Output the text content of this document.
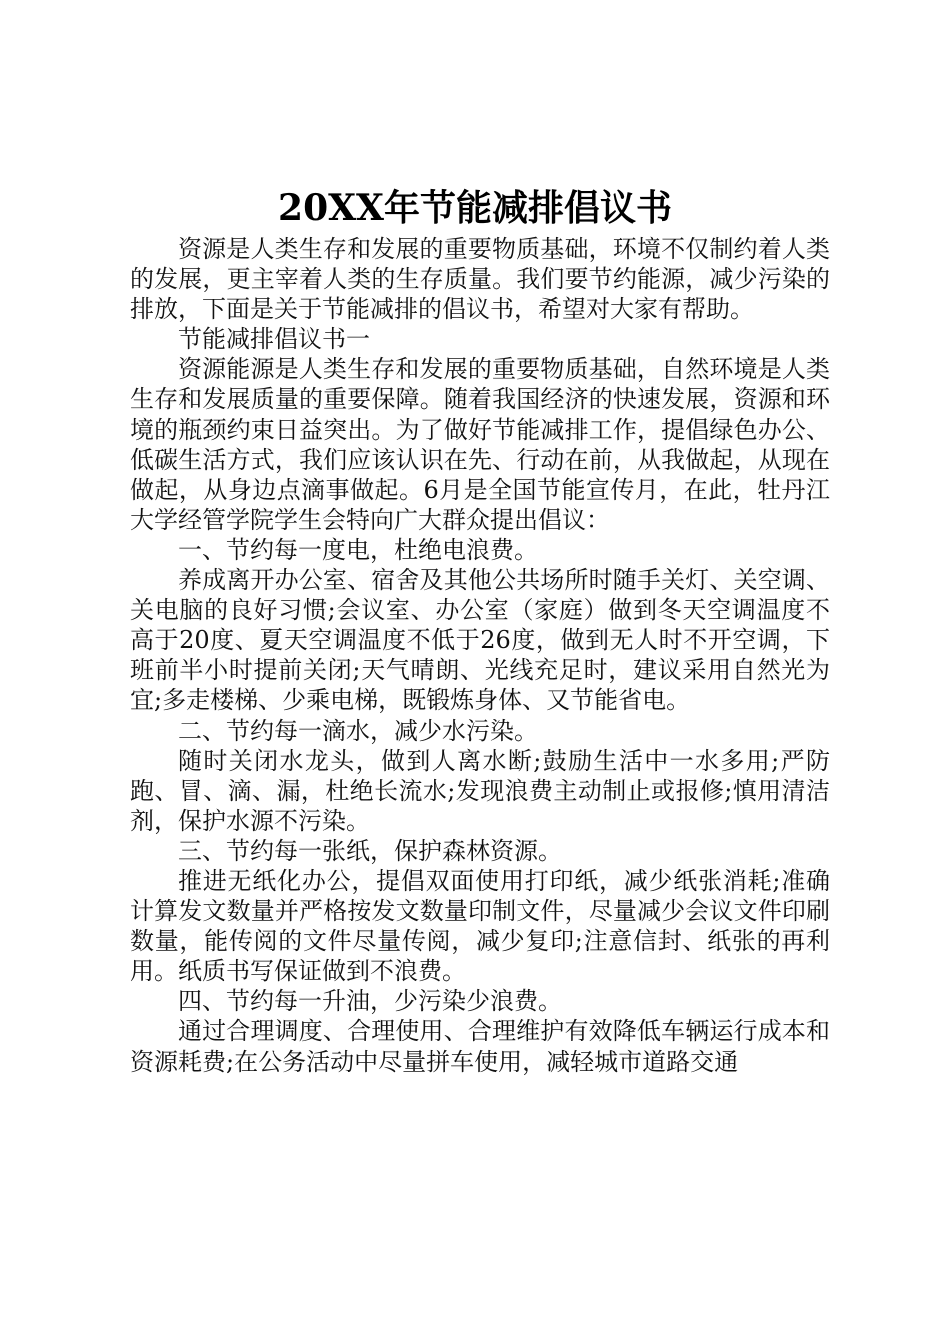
20XX年节能减排倡议书

资源是人类生存和发展的重要物质基础，环境不仅制约着人类的发展，更主宰着人类的生存质量。我们要节约能源，减少污染的排放，下面是关于节能减排的倡议书，希望对大家有帮助。

节能减排倡议书一

资源能源是人类生存和发展的重要物质基础，自然环境是人类生存和发展质量的重要保障。随着我国经济的快速发展，资源和环境的瓶颈约束日益突出。为了做好节能减排工作，提倡绿色办公、低碳生活方式，我们应该认识在先、行动在前，从我做起，从现在做起，从身边点滴事做起。6月是全国节能宣传月，在此，牡丹江大学经管学院学生会特向广大群众提出倡议：

一、节约每一度电，杜绝电浪费。

养成离开办公室、宿舍及其他公共场所时随手关灯、关空调、关电脑的良好习惯;会议室、办公室（家庭）做到冬天空调温度不高于20度、夏天空调温度不低于26度，做到无人时不开空调，下班前半小时提前关闭;天气晴朗、光线充足时，建议采用自然光为宜;多走楼梯、少乘电梯，既锻炼身体、又节能省电。

二、节约每一滴水，减少水污染。

随时关闭水龙头，做到人离水断;鼓励生活中一水多用;严防跑、冒、滴、漏，杜绝长流水;发现浪费主动制止或报修;慎用清洁剂，保护水源不污染。

三、节约每一张纸，保护森林资源。

推进无纸化办公，提倡双面使用打印纸，减少纸张消耗;准确计算发文数量并严格按发文数量印制文件，尽量减少会议文件印刷数量，能传阅的文件尽量传阅，减少复印;注意信封、纸张的再利用。纸质书写保证做到不浪费。

四、节约每一升油，少污染少浪费。

通过合理调度、合理使用、合理维护有效降低车辆运行成本和资源耗费;在公务活动中尽量拼车使用，减轻城市道路交通
